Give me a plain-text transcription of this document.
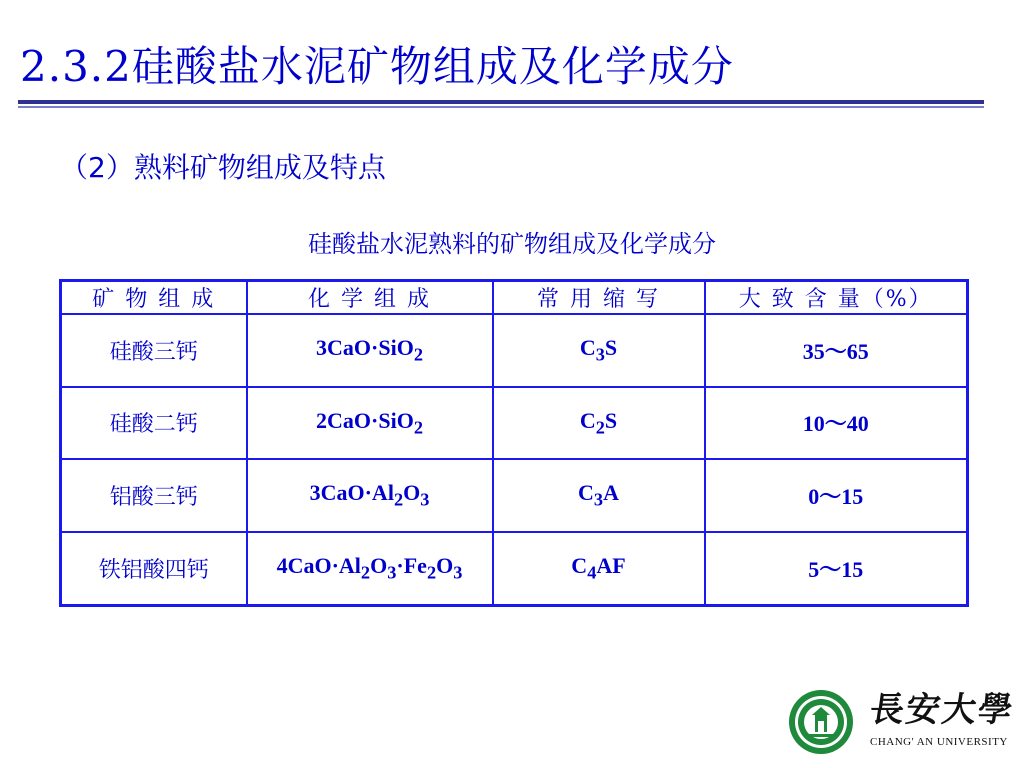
2.3.2硅酸盐水泥矿物组成及化学成分
（2）熟料矿物组成及特点
硅酸盐水泥熟料的矿物组成及化学成分
矿 物 组 成	化 学 组 成	常 用 缩 写	大 致 含 量（%）
硅酸三钙	3CaO·SiO$_2$	$C_3S$	35～65
硅酸二钙	2CaO·SiO$_2$	$C_2S$	10～40
铝酸三钙	$3CaO\cdot Al_2O_3$	$C_3A$	0～15
铁铝酸四钙	$4CaO\cdot Al_2O_3\cdot Fe_2O_3$	$C_4AF$	5～15
長安大學
CHANG' AN UNIVERSITY
